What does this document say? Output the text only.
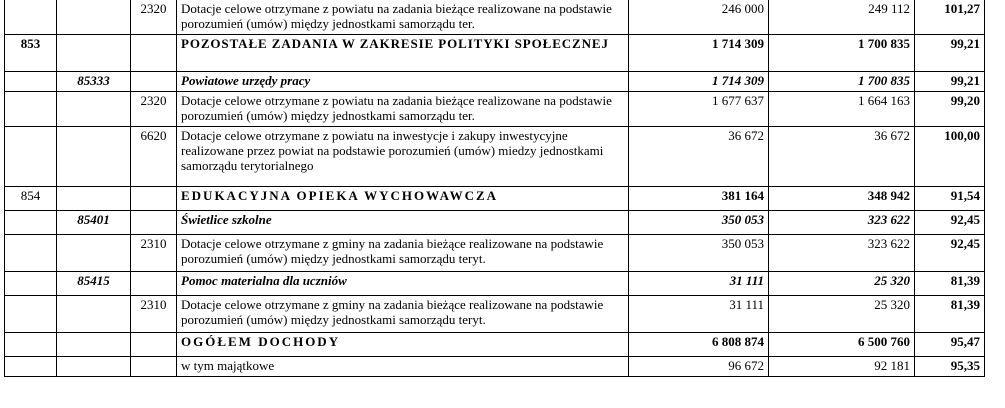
		2320	Dotacje celowe otrzymane z powiatu na zadania bieżące realizowane na podstawie porozumień (umów) między jednostkami samorządu ter.	246 000	249 112	101,27
853			POZOSTAŁE ZADANIA W ZAKRESIE POLITYKI SPOŁECZNEJ	1 714 309	1 700 835	99,21
	85333		Powiatowe urzędy pracy	1 714 309	1 700 835	99,21
		2320	Dotacje celowe otrzymane z powiatu na zadania bieżące realizowane na podstawie porozumień (umów) między jednostkami samorządu ter.	1 677 637	1 664 163	99,20
		6620	Dotacje celowe otrzymane z powiatu na inwestycje i zakupy inwestycyjne realizowane przez powiat na podstawie porozumień (umów) miedzy jednostkami samorządu terytorialnego	36 672	36 672	100,00
854			EDUKACYJNA OPIEKA WYCHOWAWCZA	381 164	348 942	91,54
	85401		Świetlice szkolne	350 053	323 622	92,45
		2310	Dotacje celowe otrzymane z gminy na zadania bieżące realizowane na podstawie porozumień (umów) między jednostkami samorządu teryt.	350 053	323 622	92,45
	85415		Pomoc materialna dla uczniów	31 111	25 320	81,39
		2310	Dotacje celowe otrzymane z gminy na zadania bieżące realizowane na podstawie porozumień (umów) między jednostkami samorządu teryt.	31 111	25 320	81,39
			OGÓŁEM DOCHODY	6 808 874	6 500 760	95,47
			w tym majątkowe	96 672	92 181	95,35
